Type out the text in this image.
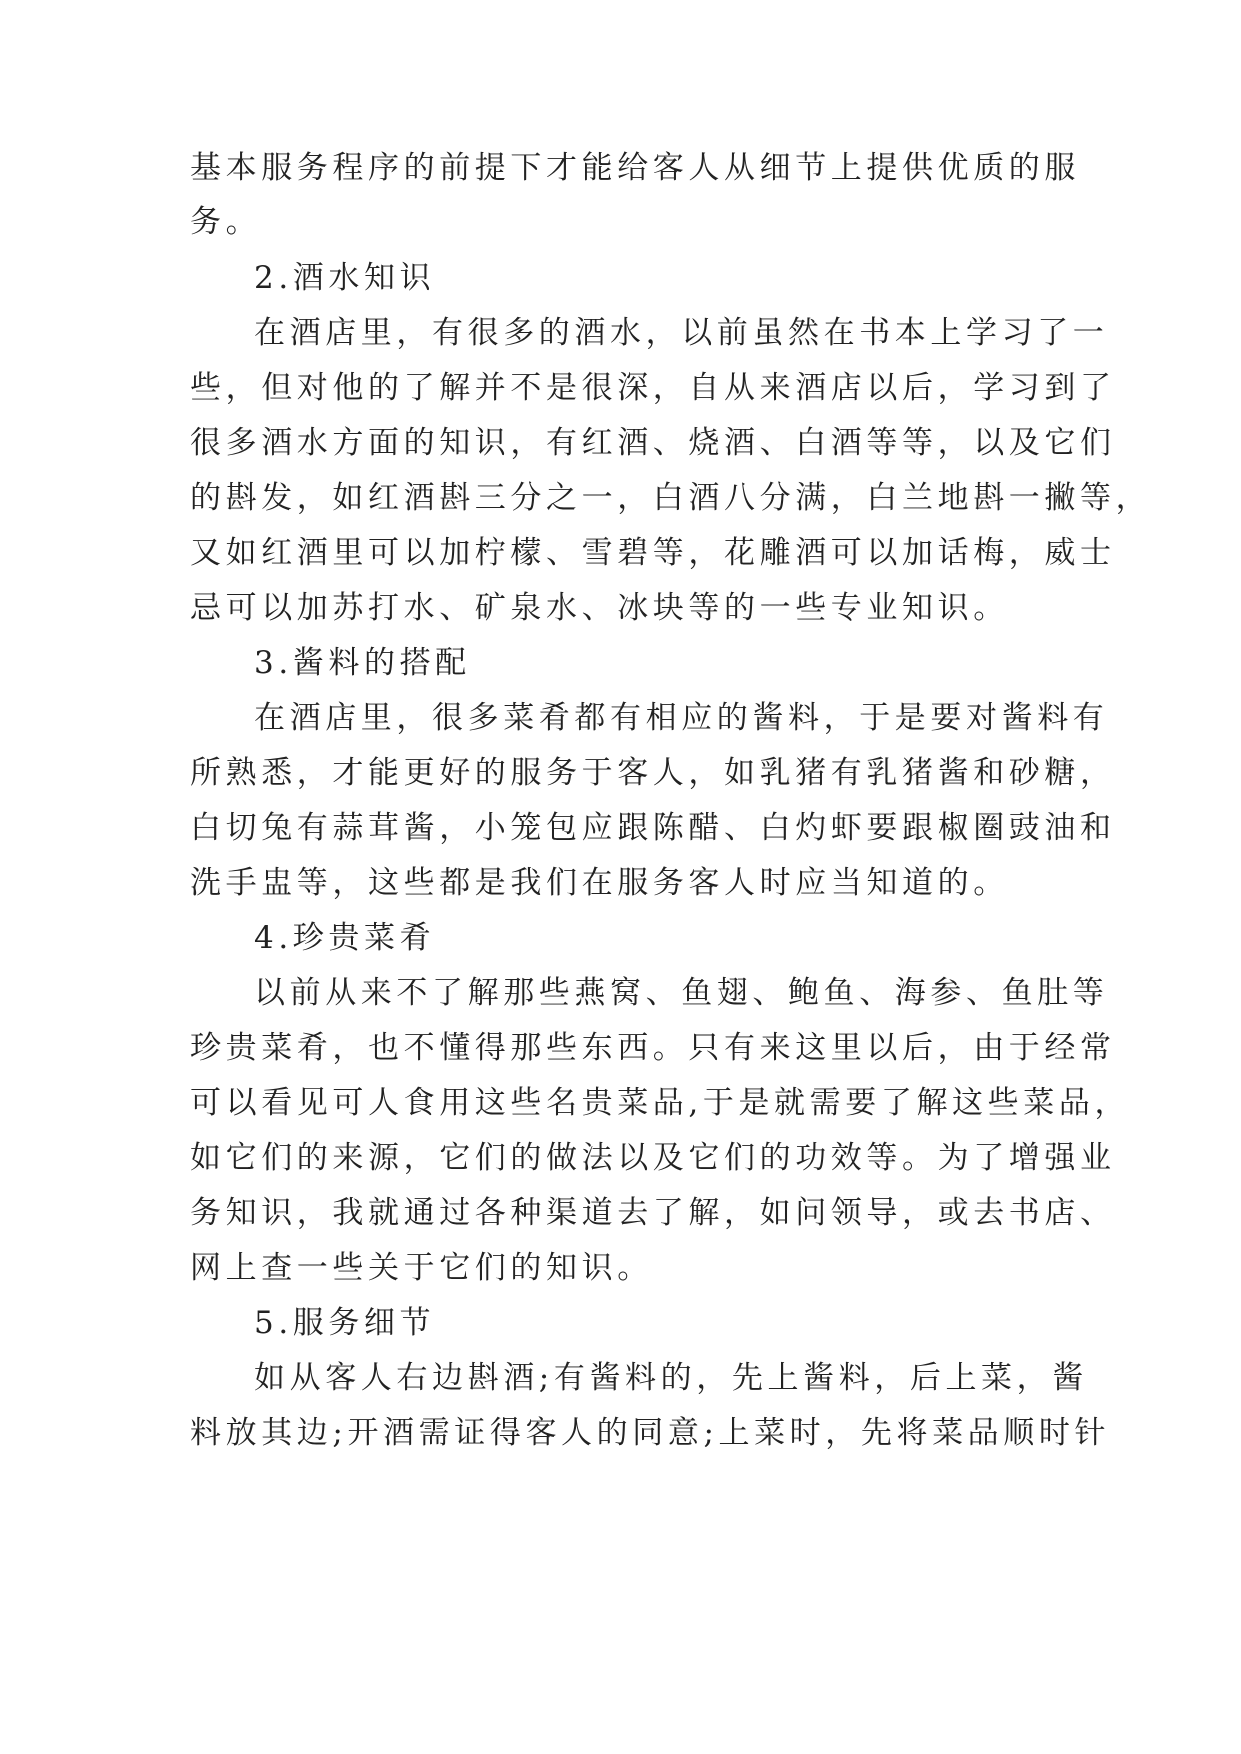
基本服务程序的前提下才能给客人从细节上提供优质的服
务。
2.酒水知识
在酒店里，有很多的酒水，以前虽然在书本上学习了一
些，但对他的了解并不是很深，自从来酒店以后，学习到了
很多酒水方面的知识，有红酒、烧酒、白酒等等，以及它们
的斟发，如红酒斟三分之一，白酒八分满，白兰地斟一撇等，
又如红酒里可以加柠檬、雪碧等，花雕酒可以加话梅，威士
忌可以加苏打水、矿泉水、冰块等的一些专业知识。
3.酱料的搭配
在酒店里，很多菜肴都有相应的酱料，于是要对酱料有
所熟悉，才能更好的服务于客人，如乳猪有乳猪酱和砂糖，
白切兔有蒜茸酱，小笼包应跟陈醋、白灼虾要跟椒圈豉油和
洗手盅等，这些都是我们在服务客人时应当知道的。
4.珍贵菜肴
以前从来不了解那些燕窝、鱼翅、鲍鱼、海参、鱼肚等
珍贵菜肴，也不懂得那些东西。只有来这里以后，由于经常
可以看见可人食用这些名贵菜品,于是就需要了解这些菜品，
如它们的来源，它们的做法以及它们的功效等。为了增强业
务知识，我就通过各种渠道去了解，如问领导，或去书店、
网上查一些关于它们的知识。
5.服务细节
如从客人右边斟酒;有酱料的，先上酱料，后上菜，酱
料放其边;开酒需证得客人的同意;上菜时，先将菜品顺时针
